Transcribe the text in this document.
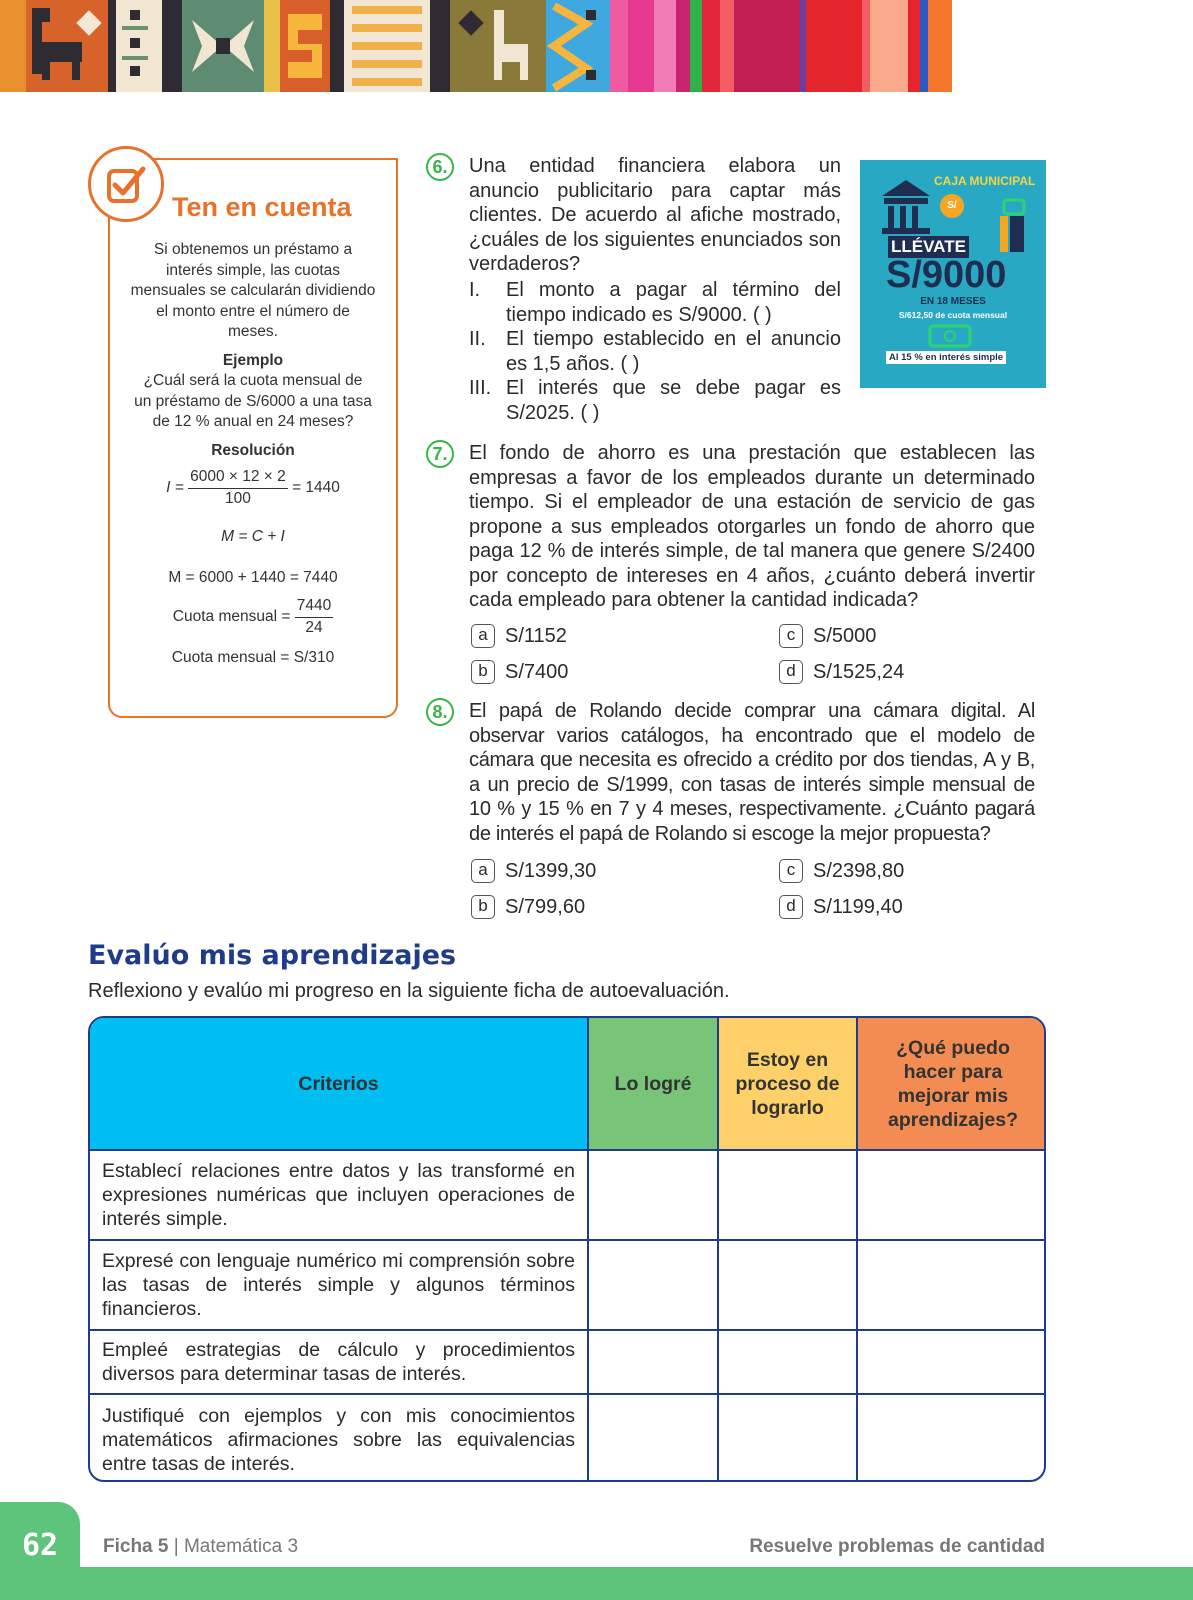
Ten en cuenta

Si obtenemos un préstamo a interés simple, las cuotas mensuales se calcularán dividiendo el monto entre el número de meses.

Ejemplo

¿Cuál será la cuota mensual de un préstamo de S/6000 a una tasa de 12 % anual en 24 meses?

Resolución

$I = \frac{6000 \times 12 \times 2}{100} = 1440$

M = C + I

M = 6000 + 1440 = 7440

Cuota mensual = $\frac{7440}{24}$

Cuota mensual = S/310

6.	Una entidad financiera elabora un anuncio publicitario para captar más clientes. De acuerdo al afiche mostrado, ¿cuáles de los siguientes enunciados son verdaderos?
I.	El monto a pagar al término del tiempo indicado es S/9000. ( )
II.	El tiempo establecido en el anuncio es 1,5 años. ( )
III. El interés que se debe pagar es S/2025. ( )
CAJA MUNICIPAL
S/
LLÉVATE
S/9000
EN 18 MESES
S/612,50 de cuota mensual
Al 15 % en interés simple
7.	El fondo de ahorro es una prestación que establecen las empresas a favor de los empleados durante un determinado tiempo. Si el empleador de una estación de servicio de gas propone a sus empleados otorgarles un fondo de ahorro que paga 12 % de interés simple, de tal manera que genere S/2400 por concepto de intereses en 4 años, ¿cuánto deberá invertir cada empleado para obtener la cantidad indicada?
a S/1152	c S/5000
b S/7400	d S/1525,24
8.	El papá de Rolando decide comprar una cámara digital. Al observar varios catálogos, ha encontrado que el modelo de cámara que necesita es ofrecido a crédito por dos tiendas, A y B, a un precio de S/1999, con tasas de interés simple mensual de 10 % y 15 % en 7 y 4 meses, respectivamente. ¿Cuánto pagará de interés el papá de Rolando si escoge la mejor propuesta?
a S/1399,30	c S/2398,80
b S/799,60	d S/1199,40
Evalúo mis aprendizajes
Reflexiono y evalúo mi progreso en la siguiente ficha de autoevaluación.
Criterios	Lo logré	Estoy en proceso de lograrlo	¿Qué puedo hacer para mejorar mis aprendizajes?
Establecí relaciones entre datos y las transformé en expresiones numéricas que incluyen operaciones de interés simple.			
Expresé con lenguaje numérico mi comprensión sobre las tasas de interés simple y algunos términos financieros.			
Empleé estrategias de cálculo y procedimientos diversos para determinar tasas de interés.			
Justifiqué con ejemplos y con mis conocimientos matemáticos afirmaciones sobre las equivalencias entre tasas de interés.			
62	Ficha 5 | Matemática 3	Resuelve problemas de cantidad
